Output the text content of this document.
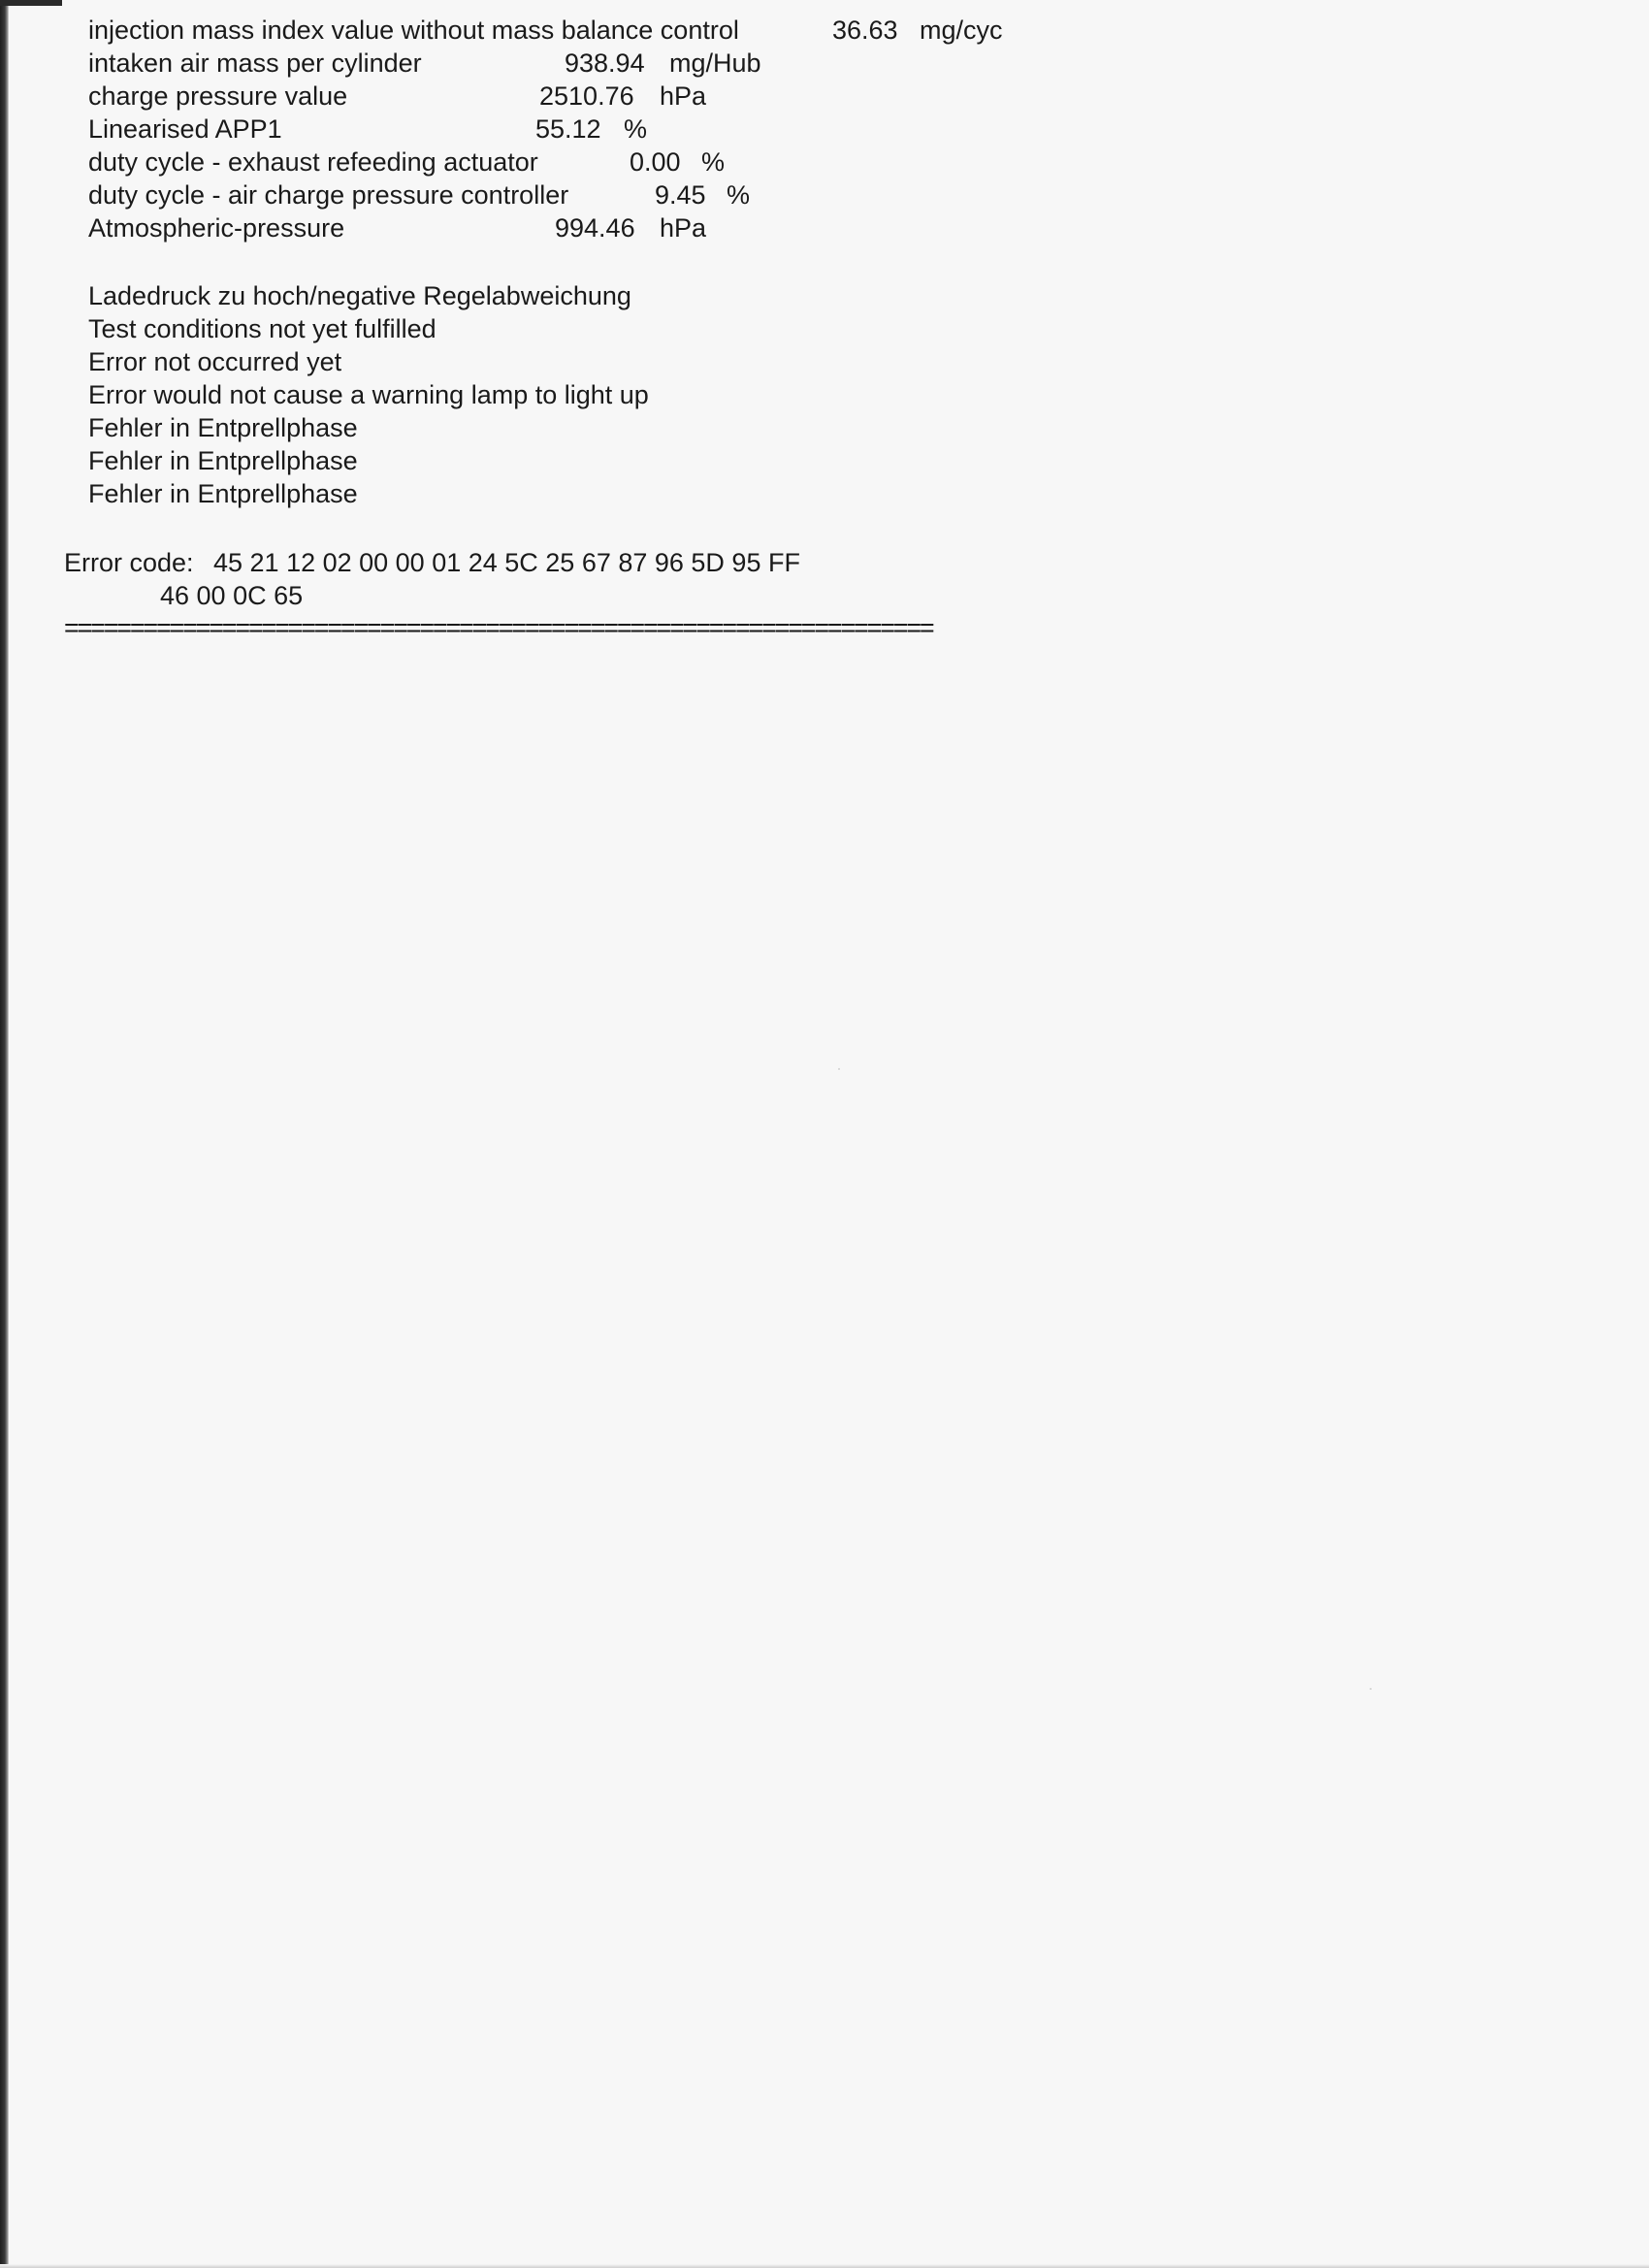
injection mass index value without mass balance control	36.63 mg/cyc
intaken air mass per cylinder	938.94 mg/Hub
charge pressure value	2510.76 hPa
Linearised APP1	55.12 %
duty cycle - exhaust refeeding actuator	0.00 %
duty cycle - air charge pressure controller	9.45 %
Atmospheric-pressure	994.46 hPa
Ladedruck zu hoch/negative Regelabweichung
Test conditions not yet fulfilled
Error not occurred yet
Error would not cause a warning lamp to light up
Fehler in Entprellphase
Fehler in Entprellphase
Fehler in Entprellphase
Error code: 45 21 12 02 00 00 01 24 5C 25 67 87 96 5D 95 FF
46 00 0C 65
==================================================================
